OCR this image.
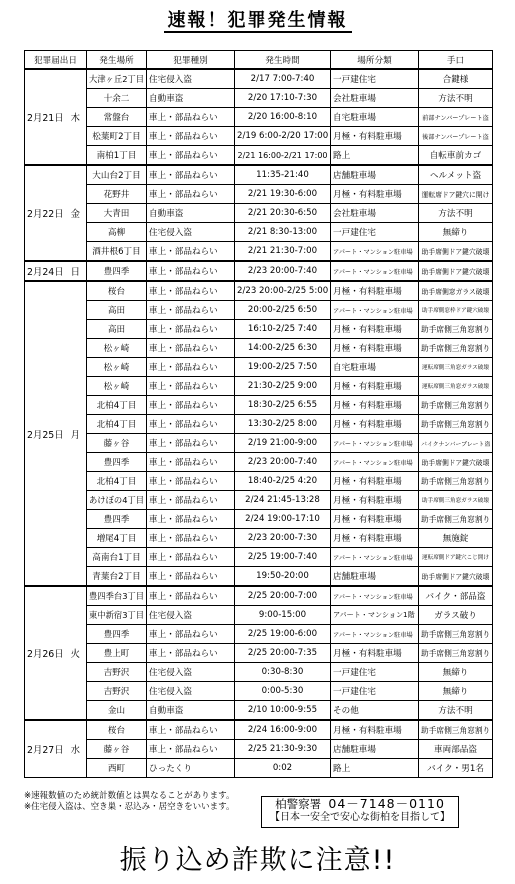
速報！犯罪発生情報
犯罪届出日	発生場所	犯罪種別	発生時間	場所分類	手口
2月21日 木	大津ヶ丘2丁目	住宅侵入盗	2/17 7:00-7:40	一戸建住宅	合鍵様
	十余二	自動車盗	2/20 17:10-7:30	会社駐車場	方法不明
	常盤台	車上・部品ねらい	2/20 16:00-8:10	自宅駐車場	前部ナンバープレート盗
	松葉町2丁目	車上・部品ねらい	2/19 6:00-2/20 17:00	月極・有料駐車場	後部ナンバープレート盗
	南柏1丁目	車上・部品ねらい	2/21 16:00-2/21 17:00	路上	自転車前カゴ
2月22日 金	大山台2丁目	車上・部品ねらい	11:35-21:40	店舗駐車場	ヘルメット盗
	花野井	車上・部品ねらい	2/21 19:30-6:00	月極・有料駐車場	運転席ドア鍵穴に開け
	大青田	自動車盗	2/21 20:30-6:50	会社駐車場	方法不明
	高柳	住宅侵入盗	2/21 8:30-13:00	一戸建住宅	無締り
	酒井根6丁目	車上・部品ねらい	2/21 21:30-7:00	アパート・マンション駐車場	助手席側ドア鍵穴破壊
2月24日 日	豊四季	車上・部品ねらい	2/23 20:00-7:40	アパート・マンション駐車場	助手席側ドア鍵穴破壊
2月25日 月	桜台	車上・部品ねらい	2/23 20:00-2/25 5:00	月極・有料駐車場	助手席側窓ガラス破壊
	高田	車上・部品ねらい	20:00-2/25 6:50	アパート・マンション駐車場	助手席側窓枠ドア鍵穴破壊
	高田	車上・部品ねらい	16:10-2/25 7:40	月極・有料駐車場	助手席側三角窓割り
	松ヶ崎	車上・部品ねらい	14:00-2/25 6:30	月極・有料駐車場	助手席側三角窓割り
	松ヶ崎	車上・部品ねらい	19:00-2/25 7:50	自宅駐車場	運転席側三角窓ガラス破壊
	松ヶ崎	車上・部品ねらい	21:30-2/25 9:00	月極・有料駐車場	運転席側三角窓ガラス破壊
	北柏4丁目	車上・部品ねらい	18:30-2/25 6:55	月極・有料駐車場	助手席側三角窓割り
	北柏4丁目	車上・部品ねらい	13:30-2/25 8:00	月極・有料駐車場	助手席側三角窓割り
	藤ヶ谷	車上・部品ねらい	2/19 21:00-9:00	アパート・マンション駐車場	バイクナンバープレート盗
	豊四季	車上・部品ねらい	2/23 20:00-7:40	アパート・マンション駐車場	助手席側ドア鍵穴破壊
	北柏4丁目	車上・部品ねらい	18:40-2/25 4:20	月極・有料駐車場	助手席側三角窓割り
	あけぼの4丁目	車上・部品ねらい	2/24 21:45-13:28	月極・有料駐車場	助手席側三角窓ガラス破壊
	豊四季	車上・部品ねらい	2/24 19:00-17:10	月極・有料駐車場	助手席側三角窓割り
	増尾4丁目	車上・部品ねらい	2/23 20:00-7:30	月極・有料駐車場	無施錠
	高南台1丁目	車上・部品ねらい	2/25 19:00-7:40	アパート・マンション駐車場	運転席側ドア鍵穴こじ開け
	青葉台2丁目	車上・部品ねらい	19:50-20:00	店舗駐車場	助手席側ドア鍵穴破壊
2月26日 火	豊四季台3丁目	車上・部品ねらい	2/25 20:00-7:00	アパート・マンション駐車場	バイク・部品盗
	東中新宿3丁目	住宅侵入盗	9:00-15:00	アパート・マンション1階	ガラス破り
	豊四季	車上・部品ねらい	2/25 19:00-6:00	アパート・マンション駐車場	助手席側三角窓割り
	豊上町	車上・部品ねらい	2/25 20:00-7:35	月極・有料駐車場	助手席側三角窓割り
	吉野沢	住宅侵入盗	0:30-8:30	一戸建住宅	無締り
	吉野沢	住宅侵入盗	0:00-5:30	一戸建住宅	無締り
	金山	自動車盗	2/10 10:00-9:55	その他	方法不明
2月27日 水	桜台	車上・部品ねらい	2/24 16:00-9:00	月極・有料駐車場	助手席側三角窓割り
	藤ヶ谷	車上・部品ねらい	2/25 21:30-9:30	店舗駐車場	車両部品盗
	西町	ひったくり	0:02	路上	バイク・男1名
※速報数値のため統計数値とは異なることがあります。
※住宅侵入盗は、空き巣・忍込み・居空きをいいます。	柏警察署 04－7148－0110
【日本一安全で安心な街柏を目指して】
振り込め詐欺に注意!!
